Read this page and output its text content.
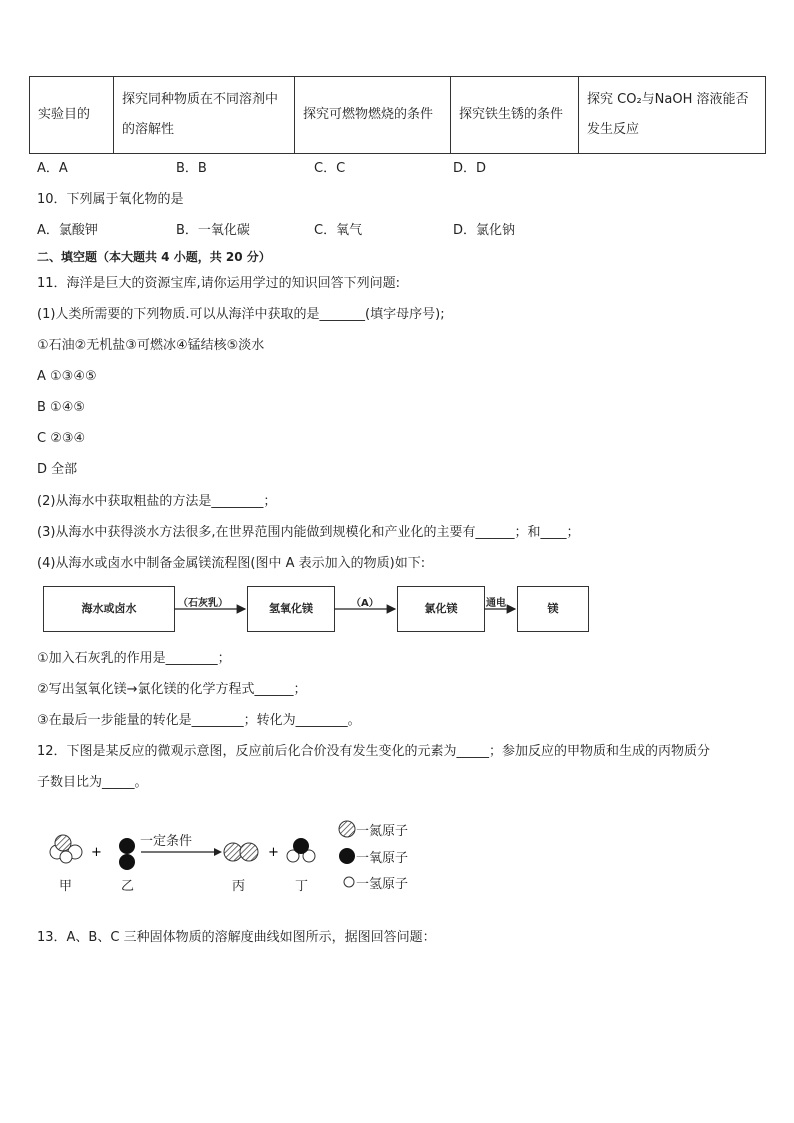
实验目的	探究同种物质在不同溶剂中的溶解性	探究可燃物燃烧的条件	探究铁生锈的条件	探究 CO₂与NaOH 溶液能否发生反应
A．A	B．B	C．C	D．D
10．下列属于氧化物的是
A．氯酸钾	B．一氧化碳	C．氧气	D．氯化钠
二、填空题（本大题共 4 小题，共 20 分）
11．海洋是巨大的资源宝库,请你运用学过的知识回答下列问题:
(1)人类所需要的下列物质.可以从海洋中获取的是_______(填字母序号);
①石油②无机盐③可燃冰④锰结核⑤淡水
A ①③④⑤
B ①④⑤
C ②③④
D 全部
(2)从海水中获取粗盐的方法是________；
(3)从海水中获得淡水方法很多,在世界范围内能做到规模化和产业化的主要有______；和____；
(4)从海水或卤水中制备金属镁流程图(图中 A 表示加入的物质)如下:
海水或卤水	氢氧化镁	氯化镁	镁
（石灰乳）	（A）	通电
①加入石灰乳的作用是________；
②写出氢氧化镁→氯化镁的化学方程式______；
③在最后一步能量的转化是________；转化为________。
12．下图是某反应的微观示意图，反应前后化合价没有发生变化的元素为_____；参加反应的甲物质和生成的丙物质分
子数目比为_____。
+	+
一定条件
甲	乙	丙	丁
一氮原子
一氧原子
一氢原子
13．A、B、C 三种固体物质的溶解度曲线如图所示，据图回答问题：
